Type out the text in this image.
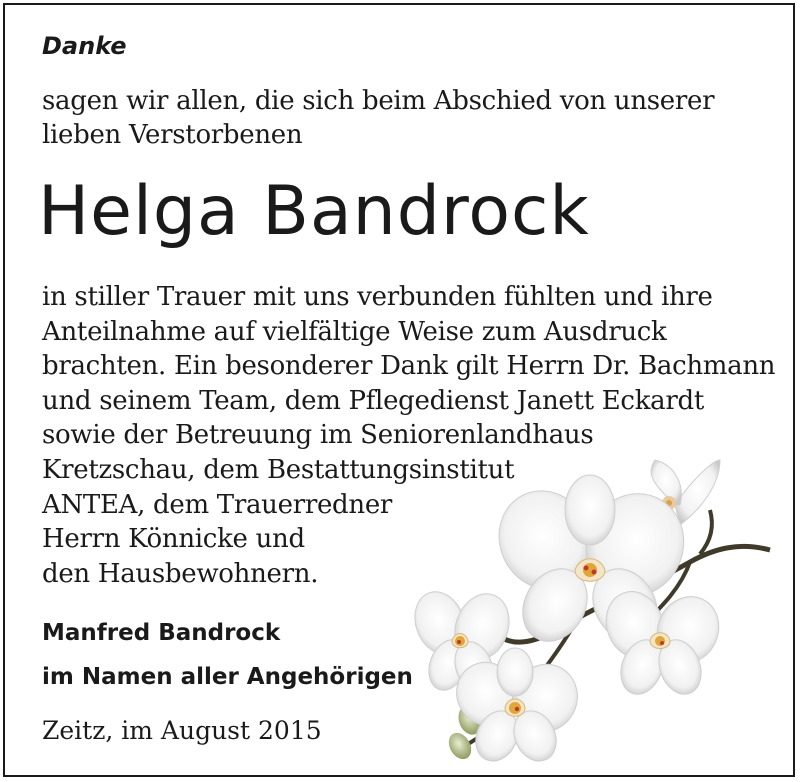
Danke
sagen wir allen, die sich beim Abschied von unserer
lieben Verstorbenen
Helga Bandrock
in stiller Trauer mit uns verbunden fühlten und ihre
Anteilnahme auf vielfältige Weise zum Ausdruck
brachten. Ein besonderer Dank gilt Herrn Dr. Bachmann
und seinem Team, dem Pflegedienst Janett Eckardt
sowie der Betreuung im Seniorenlandhaus
Kretzschau, dem Bestattungsinstitut
ANTEA, dem Trauerredner
Herrn Könnicke und
den Hausbewohnern.
Manfred Bandrock
im Namen aller Angehörigen
Zeitz, im August 2015
